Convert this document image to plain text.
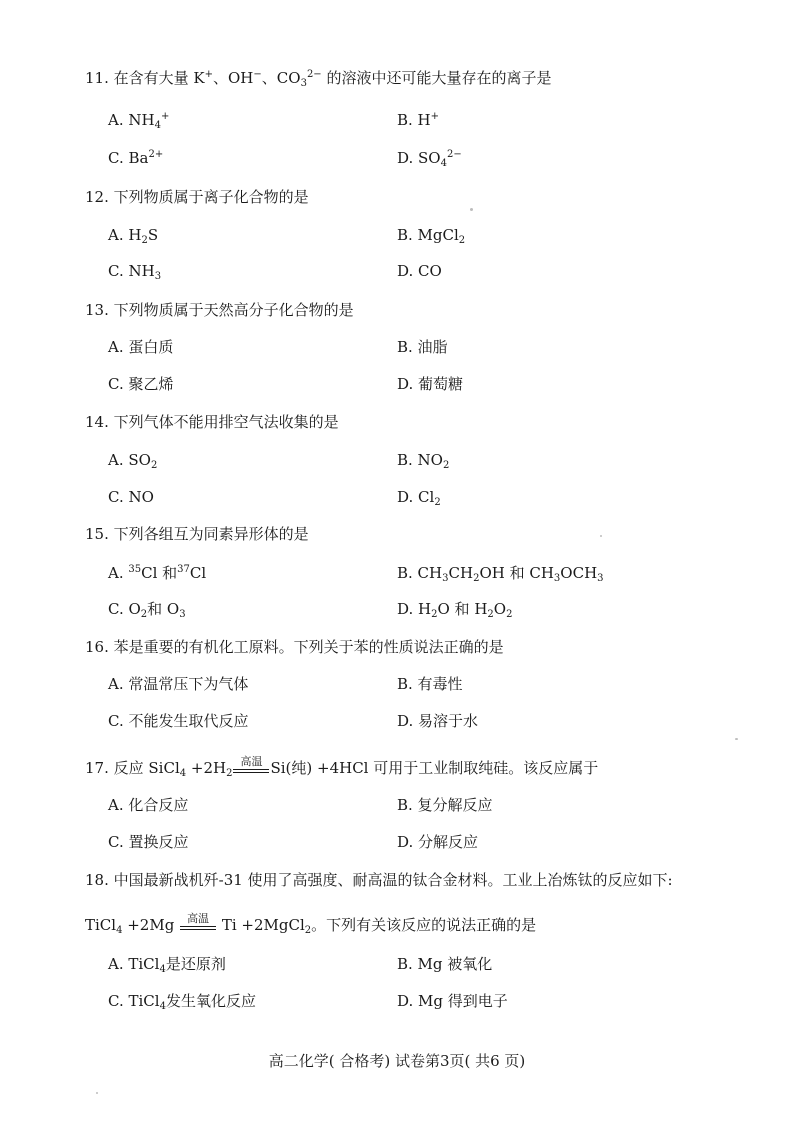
11. 在含有大量 K+、OH−、$CO_3^{2-}$ 的溶液中还可能大量存在的离子是
A. $NH_4^+$	B. H+
C. $Ba^{2+}$	D. $SO_4^{2-}$
12. 下列物质属于离子化合物的是
A. $H_2S$	B. MgCl$_2$
C. $NH_3$	D. CO
13. 下列物质属于天然高分子化合物的是
A. 蛋白质	B. 油脂
C. 聚乙烯	D. 葡萄糖
14. 下列气体不能用排空气法收集的是
A. $SO_2$	B. $NO_2$
C. NO	D. $Cl_2$
15. 下列各组互为同素异形体的是
A. $^{35}$Cl 和$^{37}$Cl	B. $CH_3CH_2OH$ 和 $CH_3OCH_3$
C. $O_2$和 $O_3$	D. $H_2O$ 和 $H_2O_2$
16. 苯是重要的有机化工原料。下列关于苯的性质说法正确的是
A. 常温常压下为气体	B. 有毒性
C. 不能发生取代反应	D. 易溶于水
17. 反应 SiCl$_4$ $+2H_2$
高温 Si(纯) +4HCl 可用于工业制取纯硅。该反应属于
A. 化合反应	B. 复分解反应
C. 置换反应	D. 分解反应
18. 中国最新战机歼-31 使用了高强度、耐高温的钛合金材料。工业上冶炼钛的反应如下:
TiCl$_4$ +2Mg 高温 Ti +2MgCl$_2$。下列有关该反应的说法正确的是
A. TiCl$_4$是还原剂	B. Mg 被氧化
C. TiCl$_4$发生氧化反应	D. Mg 得到电子
高二化学( 合格考) 试卷第3页( 共6 页)
